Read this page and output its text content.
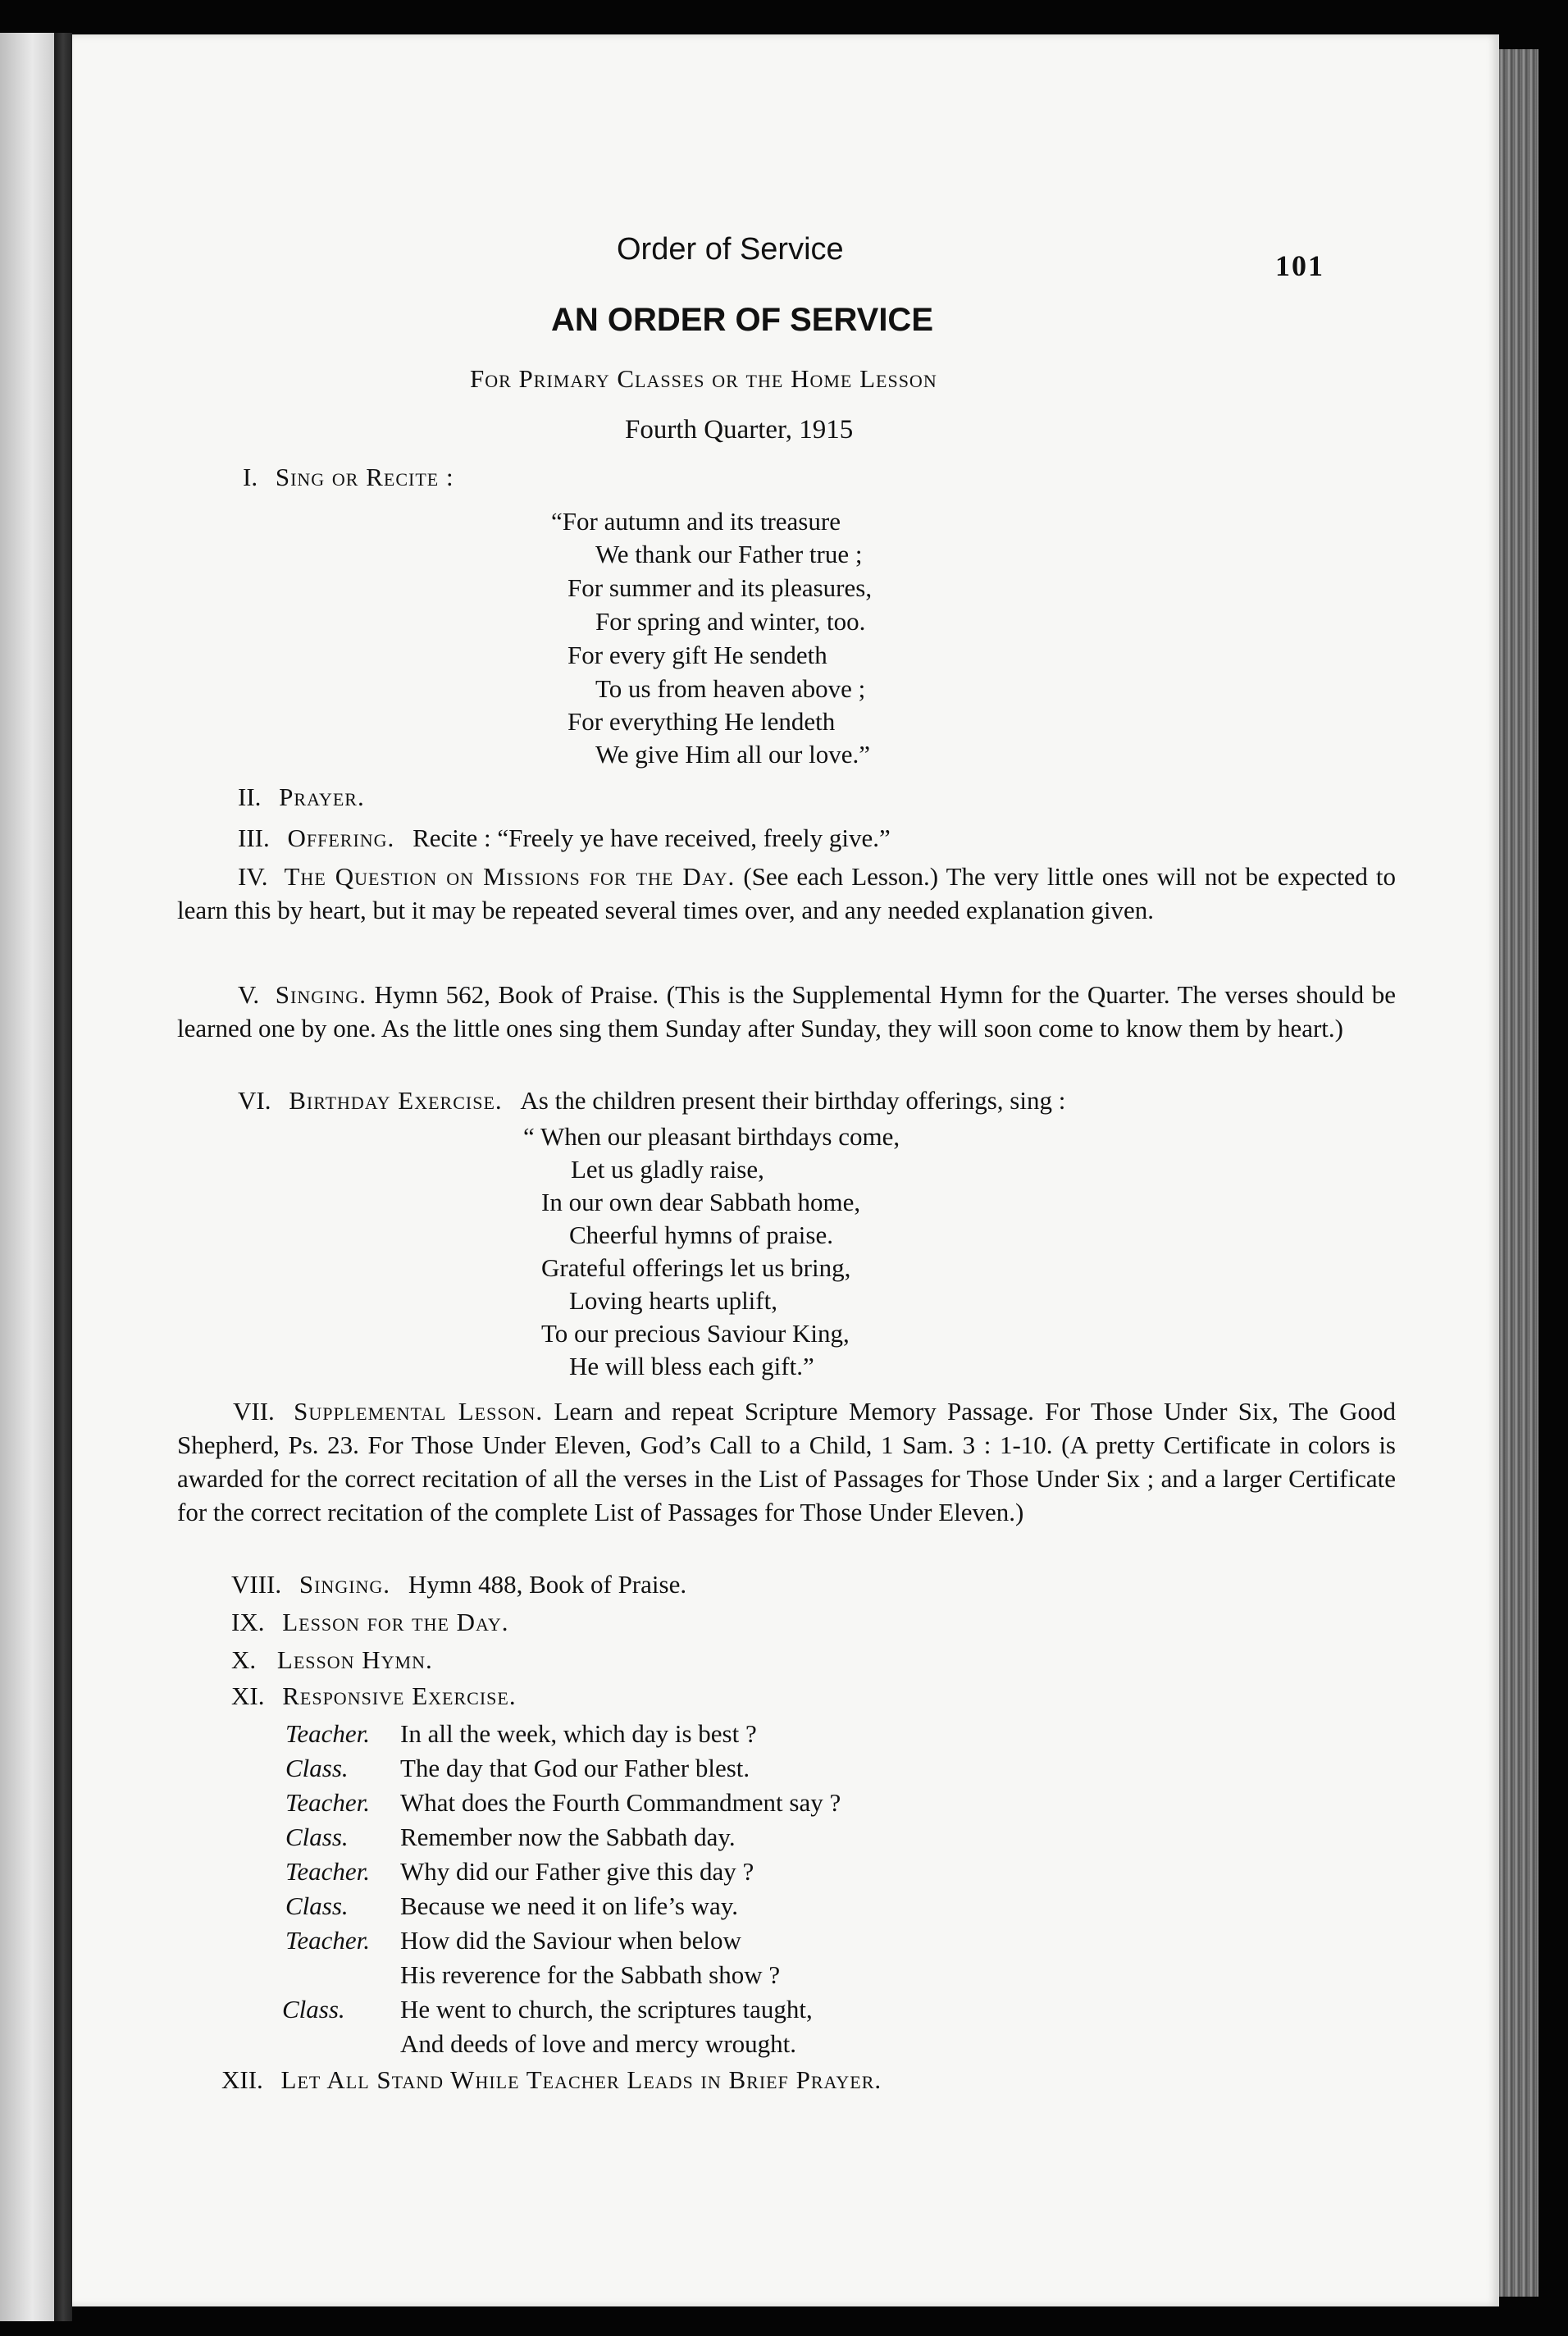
Order of Service	101
AN ORDER OF SERVICE
For Primary Classes or the Home Lesson
Fourth Quarter, 1915
I. Sing or Recite :
“For autumn and its treasure
We thank our Father true ;
For summer and its pleasures,
For spring and winter, too.
For every gift He sendeth
To us from heaven above ;
For everything He lendeth
We give Him all our love.”
II. Prayer.
III. Offering. Recite : “Freely ye have received, freely give.”
IV. The Question on Missions for the Day. (See each Lesson.) The very little ones will not be expected to learn this by heart, but it may be repeated several times over, and any needed explanation given.
V. Singing. Hymn 562, Book of Praise. (This is the Supplemental Hymn for the Quarter. The verses should be learned one by one. As the little ones sing them Sunday after Sunday, they will soon come to know them by heart.)
VI. Birthday Exercise. As the children present their birthday offerings, sing :
“ When our pleasant birthdays come,
Let us gladly raise,
In our own dear Sabbath home,
Cheerful hymns of praise.
Grateful offerings let us bring,
Loving hearts uplift,
To our precious Saviour King,
He will bless each gift.”
VII. Supplemental Lesson. Learn and repeat Scripture Memory Passage. For Those Under Six, The Good Shepherd, Ps. 23. For Those Under Eleven, God’s Call to a Child, 1 Sam. 3 : 1-10. (A pretty Certificate in colors is awarded for the correct recitation of all the verses in the List of Passages for Those Under Six ; and a larger Certificate for the correct recitation of the complete List of Passages for Those Under Eleven.)
VIII. Singing. Hymn 488, Book of Praise.
IX. Lesson for the Day.
X. Lesson Hymn.
XI. Responsive Exercise.
Teacher. In all the week, which day is best ?
Class. The day that God our Father blest.
Teacher. What does the Fourth Commandment say ?
Class. Remember now the Sabbath day.
Teacher. Why did our Father give this day ?
Class. Because we need it on life’s way.
Teacher. How did the Saviour when below
His reverence for the Sabbath show ?
Class. He went to church, the scriptures taught,
And deeds of love and mercy wrought.
XII. Let All Stand While Teacher Leads in Brief Prayer.
